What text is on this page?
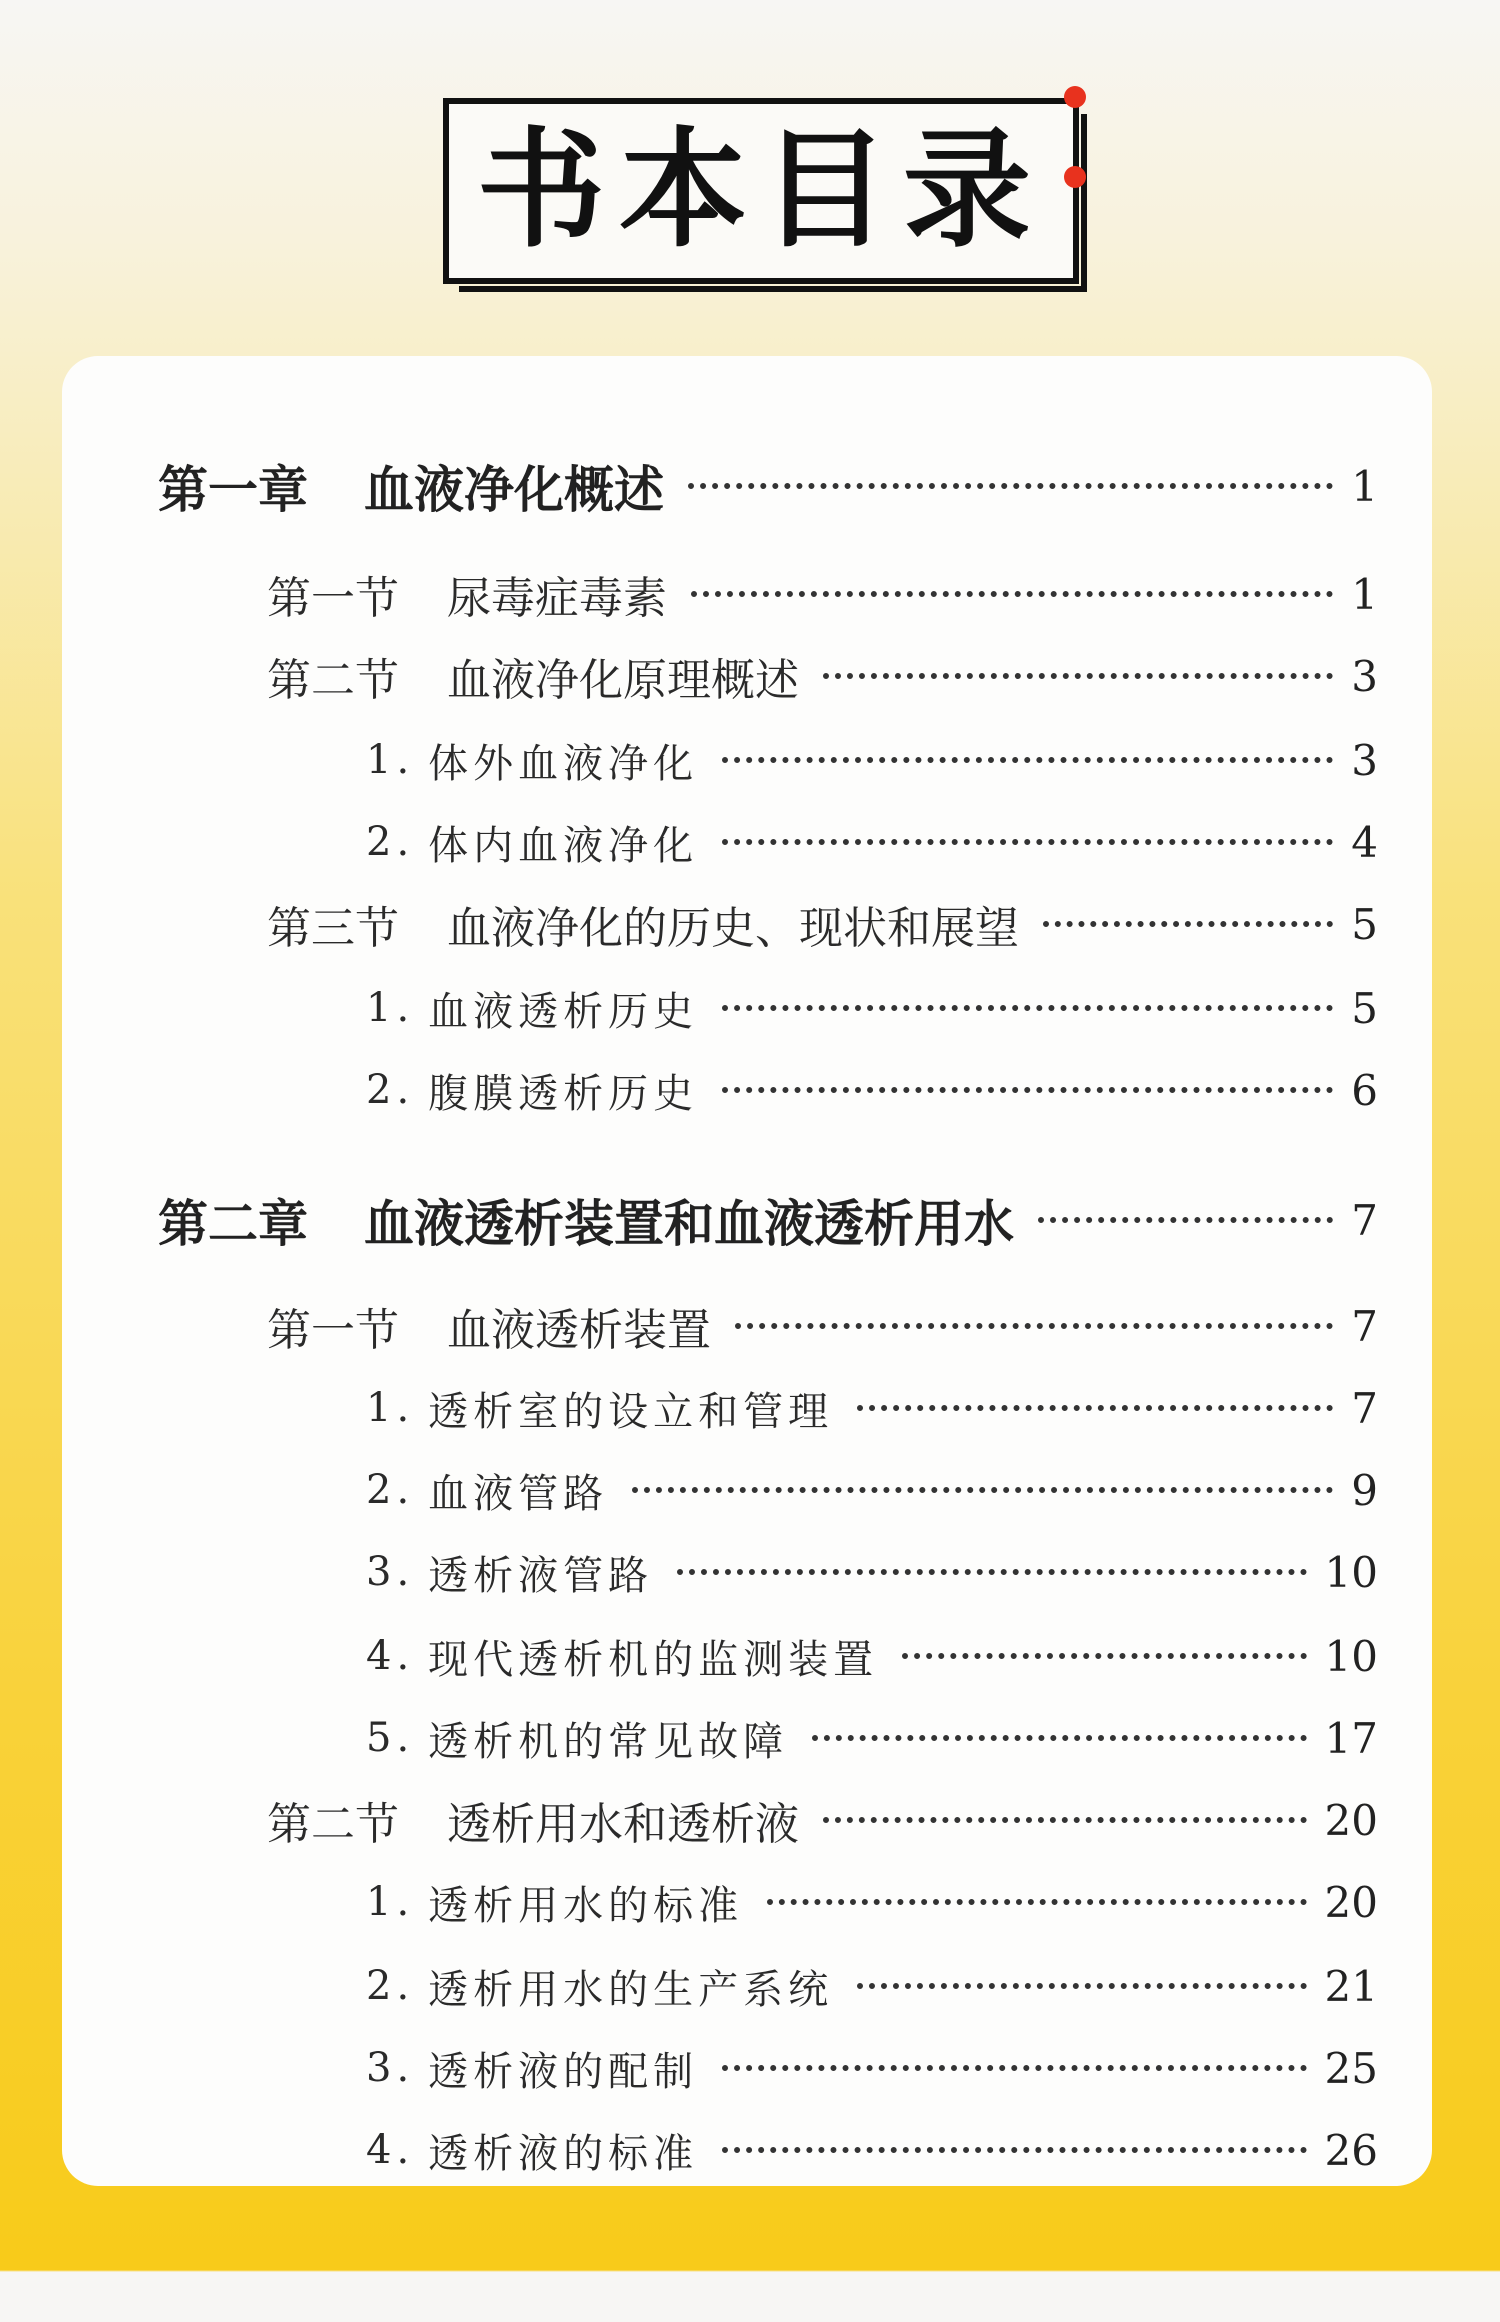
书本目录
第一章 血液净化概述	1
第一节 尿毒症毒素	1
第二节 血液净化原理概述	3
1. 体外血液净化	3
2. 体内血液净化	4
第三节 血液净化的历史、现状和展望	5
1. 血液透析历史	5
2. 腹膜透析历史	6
第二章 血液透析装置和血液透析用水	7
第一节 血液透析装置	7
1. 透析室的设立和管理	7
2. 血液管路	9
3. 透析液管路	10
4. 现代透析机的监测装置	10
5. 透析机的常见故障	17
第二节 透析用水和透析液	20
1. 透析用水的标准	20
2. 透析用水的生产系统	21
3. 透析液的配制	25
4. 透析液的标准	26
